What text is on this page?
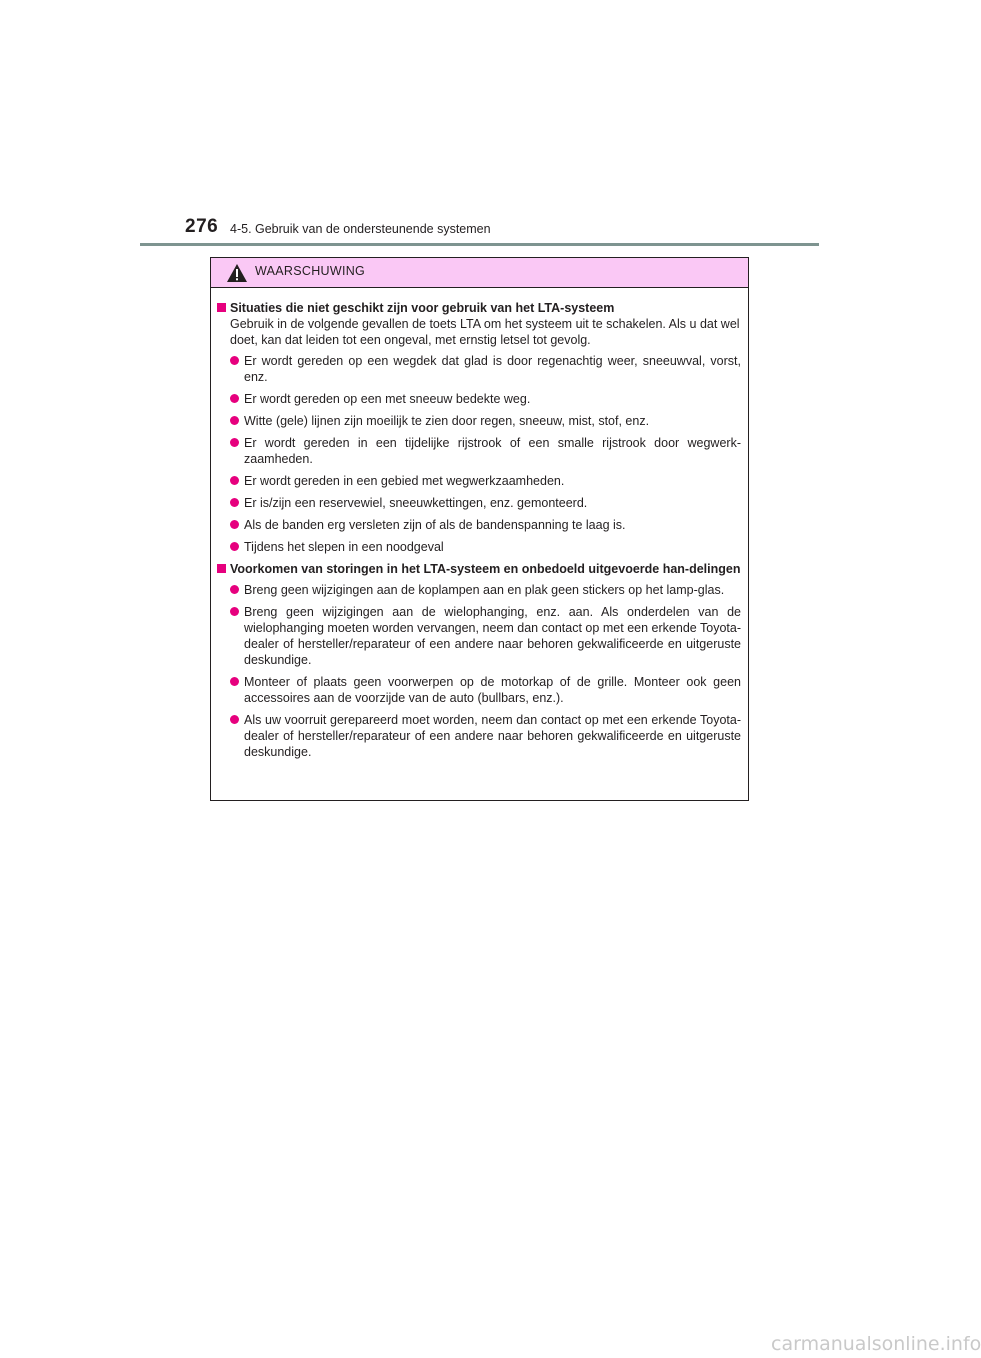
276 4-5. Gebruik van de ondersteunende systemen
WAARSCHUWING
Situaties die niet geschikt zijn voor gebruik van het LTA-systeem
Gebruik in de volgende gevallen de toets LTA om het systeem uit te schakelen. Als u dat wel doet, kan dat leiden tot een ongeval, met ernstig letsel tot gevolg.
Er wordt gereden op een wegdek dat glad is door regenachtig weer, sneeuwval, vorst, enz.
Er wordt gereden op een met sneeuw bedekte weg.
Witte (gele) lijnen zijn moeilijk te zien door regen, sneeuw, mist, stof, enz.
Er wordt gereden in een tijdelijke rijstrook of een smalle rijstrook door wegwerk-zaamheden.
Er wordt gereden in een gebied met wegwerkzaamheden.
Er is/zijn een reservewiel, sneeuwkettingen, enz. gemonteerd.
Als de banden erg versleten zijn of als de bandenspanning te laag is.
Tijdens het slepen in een noodgeval
Voorkomen van storingen in het LTA-systeem en onbedoeld uitgevoerde han-delingen
Breng geen wijzigingen aan de koplampen aan en plak geen stickers op het lamp-glas.
Breng geen wijzigingen aan de wielophanging, enz. aan. Als onderdelen van de wielophanging moeten worden vervangen, neem dan contact op met een erkende Toyota-dealer of hersteller/reparateur of een andere naar behoren gekwalificeerde en uitgeruste deskundige.
Monteer of plaats geen voorwerpen op de motorkap of de grille. Monteer ook geen accessoires aan de voorzijde van de auto (bullbars, enz.).
Als uw voorruit gerepareerd moet worden, neem dan contact op met een erkende Toyota-dealer of hersteller/reparateur of een andere naar behoren gekwalificeerde en uitgeruste deskundige.
carmanualsonline.info
